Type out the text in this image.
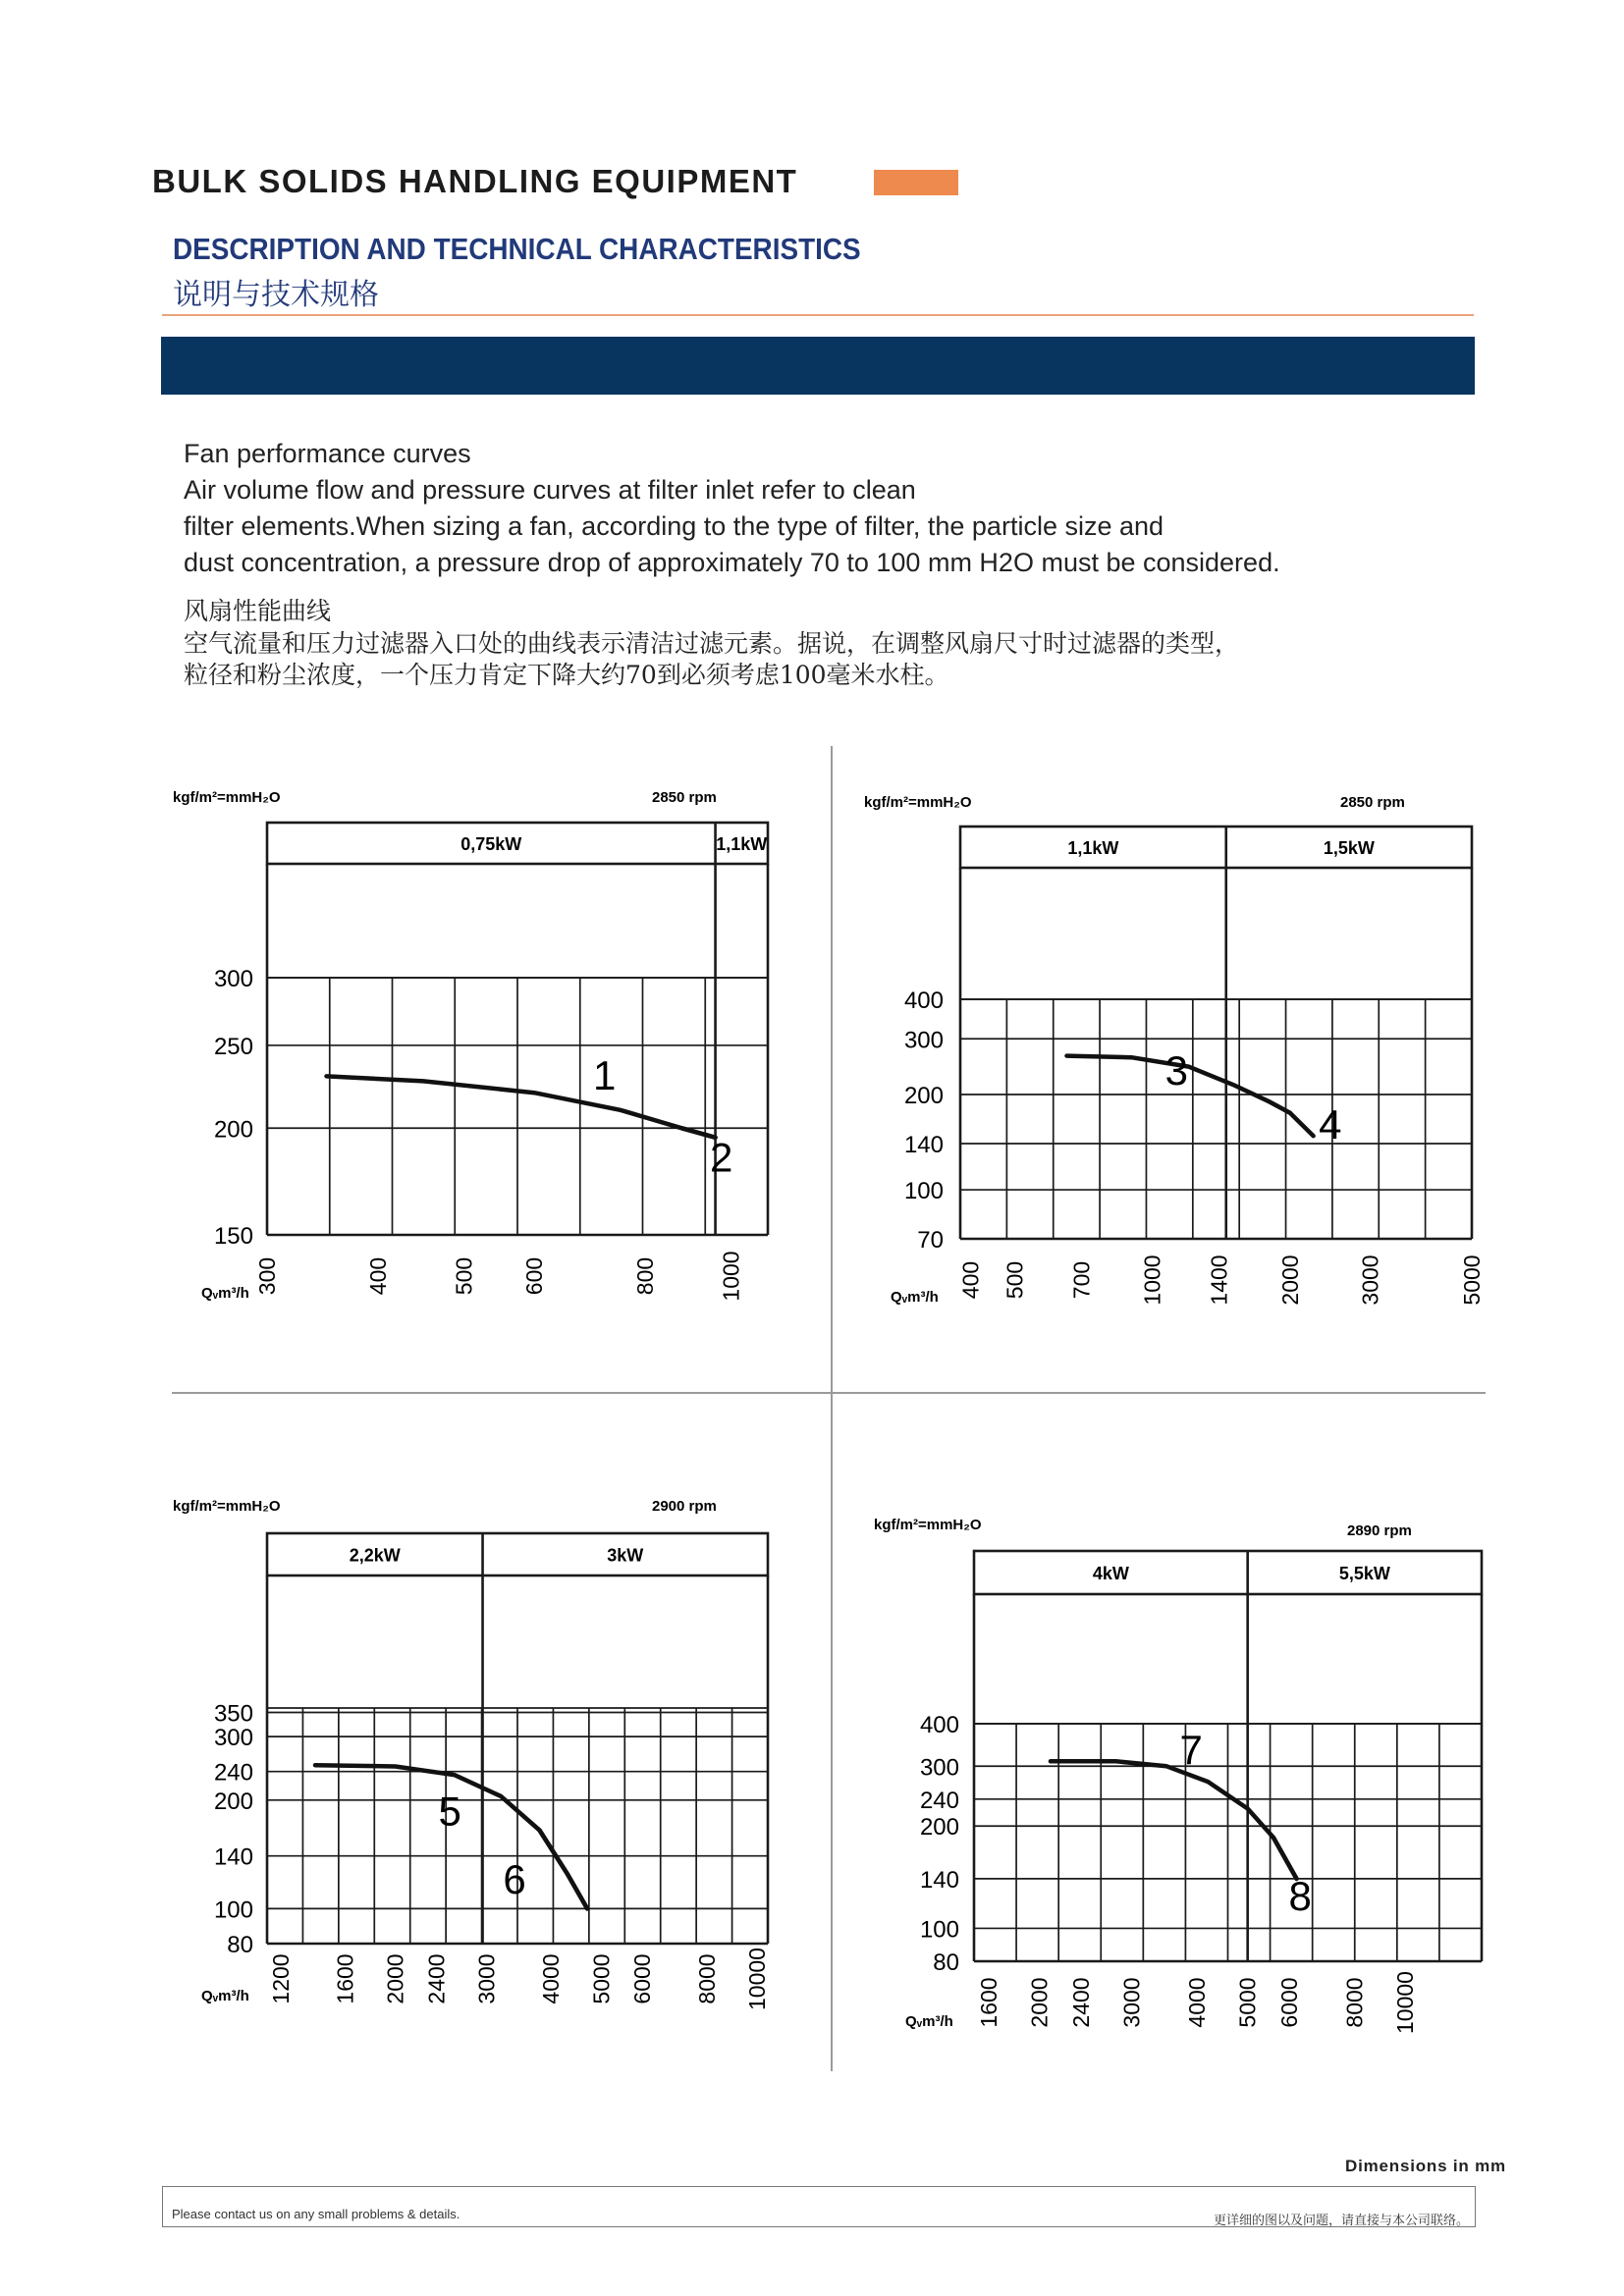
BULK SOLIDS HANDLING EQUIPMENT
DESCRIPTION AND TECHNICAL CHARACTERISTICS
说明与技术规格
Fan performance curves
Air volume flow and pressure curves at filter inlet refer to clean
filter elements.When sizing a fan, according to the type of filter, the particle size and
dust concentration, a pressure drop of approximately 70 to 100 mm H2O must be considered.
风扇性能曲线
空气流量和压力过滤器入口处的曲线表示清洁过滤元素。据说，在调整风扇尺寸时过滤器的类型，
粒径和粉尘浓度，一个压力肯定下降大约70到必须考虑100毫米水柱。
kgf/m²=mmH₂O	2850 rpm
Qᵥm³/h
0,75kW	1,1kW
300
250
200
150
300	400	500 600	800	1000
1
2
kgf/m²=mmH₂O	2850 rpm
Qᵥm³/h
1,1kW	1,5kW
400
300
200
140
100
70
400 500 700 1000 1400 2000 3000	5000
3
4
kgf/m²=mmH₂O	2900 rpm
Qᵥm³/h
2,2kW	3kW
350
300
240
200
140
100
80
1200 1600 2000 2400 3000 4000 5000 6000 8000 10000
5
6
kgf/m²=mmH₂O	2890 rpm
Qᵥm³/h
4kW	5,5kW
400
300
240
200
140
100
80
1600 2000 2400 3000 4000 5000 6000 8000 10000
7
8
Dimensions in mm
Please contact us on any small problems & details.	更详细的图以及问题，请直接与本公司联络。
